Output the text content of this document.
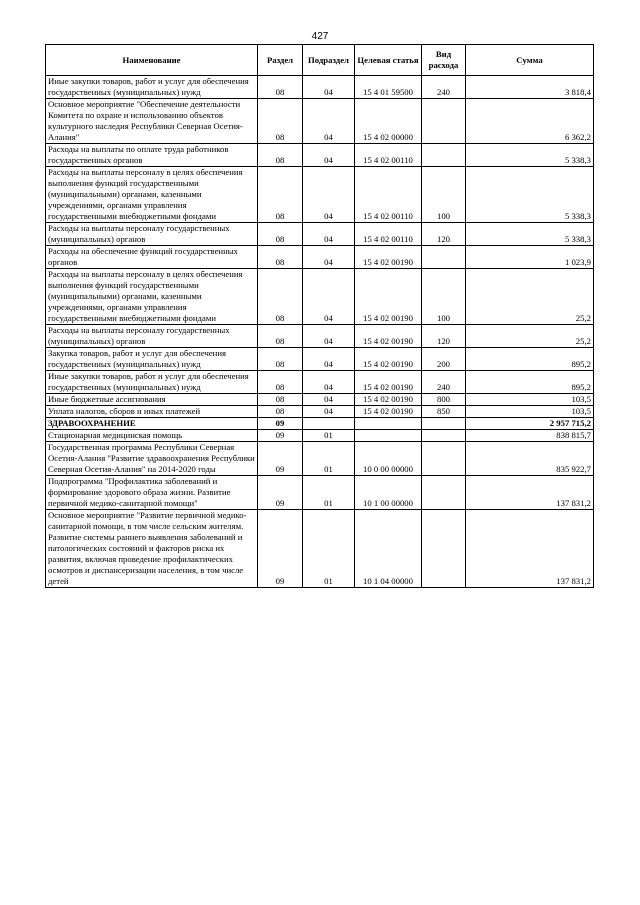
427
Наименование	Раздел	Подраздел	Целевая статья	Вид расхода	Сумма
Иные закупки товаров, работ и услуг для обеспечения государственных (муниципальных) нужд	08	04	15 4 01 59500	240	3 818,4
Основное мероприятие "Обеспечение деятельности Комитета по охране и использованию объектов культурного наследия Республики Северная Осетия-Алания"	08	04	15 4 02 00000		6 362,2
Расходы на выплаты по оплате труда работников государственных органов	08	04	15 4 02 00110		5 338,3
Расходы на выплаты персоналу в целях обеспечения выполнения функций государственными (муниципальными) органами, казенными учреждениями, органами управления государственными внебюджетными фондами	08	04	15 4 02 00110	100	5 338,3
Расходы на выплаты персоналу государственных (муниципальных) органов	08	04	15 4 02 00110	120	5 338,3
Расходы на обеспечение функций государственных органов	08	04	15 4 02 00190		1 023,9
Расходы на выплаты персоналу в целях обеспечения выполнения функций государственными (муниципальными) органами, казенными учреждениями, органами управления государственными внебюджетными фондами	08	04	15 4 02 00190	100	25,2
Расходы на выплаты персоналу государственных (муниципальных) органов	08	04	15 4 02 00190	120	25,2
Закупка товаров, работ и услуг для обеспечения государственных (муниципальных) нужд	08	04	15 4 02 00190	200	895,2
Иные закупки товаров, работ и услуг для обеспечения государственных (муниципальных) нужд	08	04	15 4 02 00190	240	895,2
Иные бюджетные ассигнования	08	04	15 4 02 00190	800	103,5
Уплата налогов, сборов и иных платежей	08	04	15 4 02 00190	850	103,5
ЗДРАВООХРАНЕНИЕ	09				2 957 715,2
Стационарная медицинская помощь	09	01			838 815,7
Государственная программа Республики Северная Осетия-Алания "Развитие здравоохранения Республики Северная Осетия-Алания" на 2014-2020 годы	09	01	10 0 00 00000		835 922,7
Подпрограмма "Профилактика заболеваний и формирование здорового образа жизни. Развитие первичной медико-санитарной помощи"	09	01	10 1 00 00000		137 831,2
Основное мероприятие "Развитие первичной медико-санитарной помощи, в том числе сельским жителям. Развитие системы раннего выявления заболеваний и патологических состояний и факторов риска их развития, включая проведение профилактических осмотров и диспансеризации населения, в том числе детей	09	01	10 1 04 00000		137 831,2
